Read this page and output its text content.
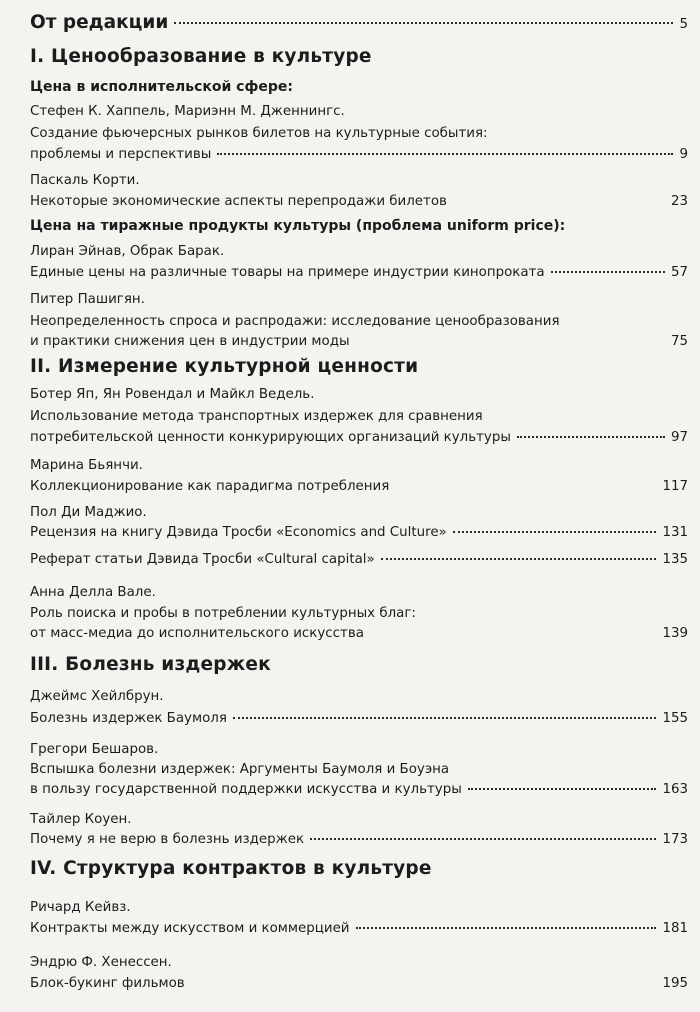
От редакции	5
I. Ценообразование в культуре
Цена в исполнительской сфере:
Стефен К. Хаппель, Мариэнн М. Дженнингс.
Создание фьючерсных рынков билетов на культурные события:
проблемы и перспективы	9
Паскаль Корти.
Некоторые экономические аспекты перепродажи билетов	23
Цена на тиражные продукты культуры (проблема uniform price):
Лиран Эйнав, Обрак Барак.
Единые цены на различные товары на примере индустрии кинопроката	57
Питер Пашигян.
Неопределенность спроса и распродажи: исследование ценообразования
и практики снижения цен в индустрии моды	75
II. Измерение культурной ценности
Ботер Яп, Ян Ровендал и Майкл Ведель.
Использование метода транспортных издержек для сравнения
потребительской ценности конкурирующих организаций культуры	97
Марина Бьянчи.
Коллекционирование как парадигма потребления	117
Пол Ди Маджио.
Рецензия на книгу Дэвида Тросби «Economics and Culture»	131
Реферат статьи Дэвида Тросби «Cultural capital»	135
Анна Делла Вале.
Роль поиска и пробы в потреблении культурных благ:
от масс-медиа до исполнительского искусства	139
III. Болезнь издержек
Джеймс Хейлбрун.
Болезнь издержек Баумоля	155
Грегори Бешаров.
Вспышка болезни издержек: Аргументы Баумоля и Боуэна
в пользу государственной поддержки искусства и культуры	163
Тайлер Коуен.
Почему я не верю в болезнь издержек	173
IV. Структура контрактов в культуре
Ричард Кейвз.
Контракты между искусством и коммерцией	181
Эндрю Ф. Хенессен.
Блок-букинг фильмов	195
